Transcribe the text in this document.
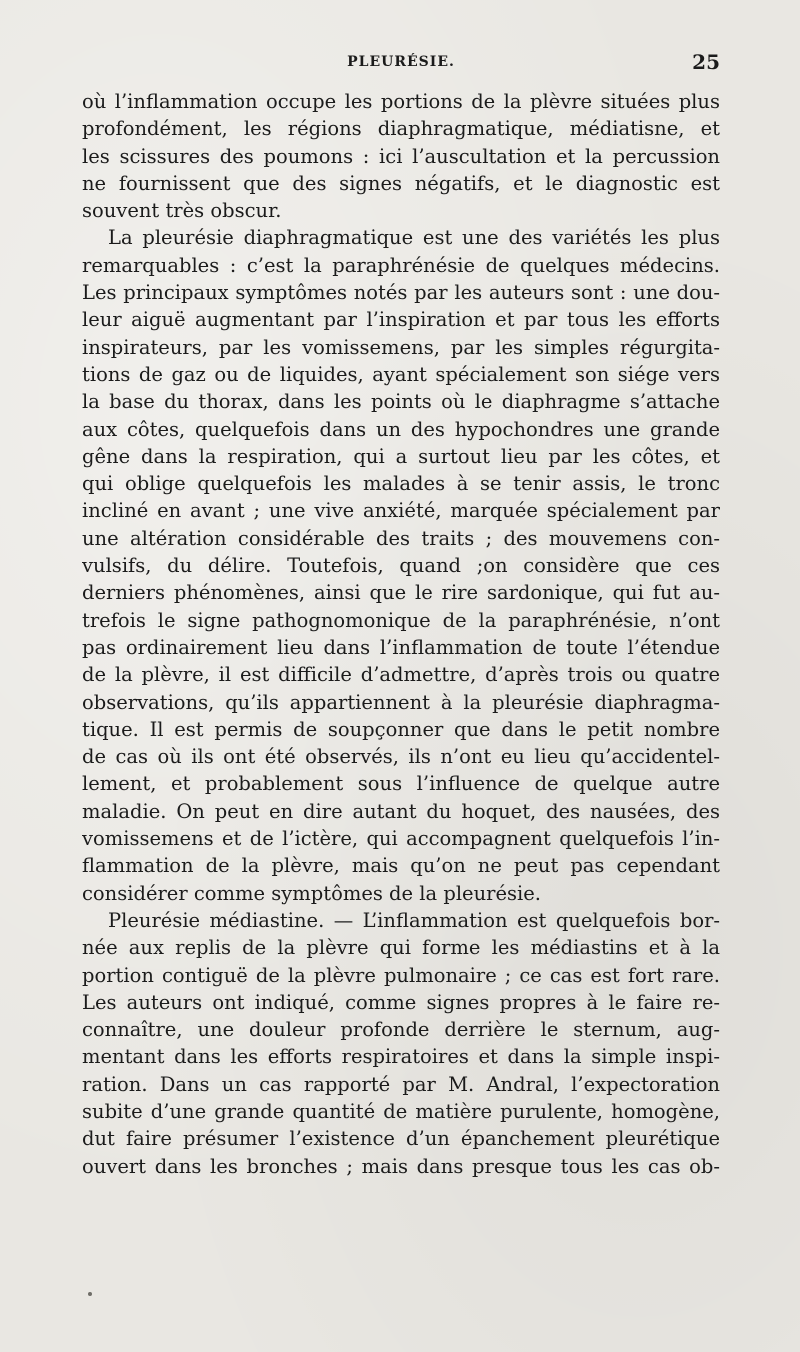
PLEURÉSIE.	25
où l’inflammation occupe les portions de la plèvre situées plus
profondément, les régions diaphragmatique, médiatisne, et
les scissures des poumons : ici l’auscultation et la percussion
ne fournissent que des signes négatifs, et le diagnostic est
souvent très obscur.
La pleurésie diaphragmatique est une des variétés les plus
remarquables : c’est la paraphrénésie de quelques médecins.
Les principaux symptômes notés par les auteurs sont : une dou-
leur aiguë augmentant par l’inspiration et par tous les efforts
inspirateurs, par les vomissemens, par les simples régurgita-
tions de gaz ou de liquides, ayant spécialement son siége vers
la base du thorax, dans les points où le diaphragme s’attache
aux côtes, quelquefois dans un des hypochondres une grande
gêne dans la respiration, qui a surtout lieu par les côtes, et
qui oblige quelquefois les malades à se tenir assis, le tronc
incliné en avant ; une vive anxiété, marquée spécialement par
une altération considérable des traits ; des mouvemens con-
vulsifs, du délire. Toutefois, quand ;on considère que ces
derniers phénomènes, ainsi que le rire sardonique, qui fut au-
trefois le signe pathognomonique de la paraphrénésie, n’ont
pas ordinairement lieu dans l’inflammation de toute l’étendue
de la plèvre, il est difficile d’admettre, d’après trois ou quatre
observations, qu’ils appartiennent à la pleurésie diaphragma-
tique. Il est permis de soupçonner que dans le petit nombre
de cas où ils ont été observés, ils n’ont eu lieu qu’accidentel-
lement, et probablement sous l’influence de quelque autre
maladie. On peut en dire autant du hoquet, des nausées, des
vomissemens et de l’ictère, qui accompagnent quelquefois l’in-
flammation de la plèvre, mais qu’on ne peut pas cependant
considérer comme symptômes de la pleurésie.
Pleurésie médiastine. — L’inflammation est quelquefois bor-
née aux replis de la plèvre qui forme les médiastins et à la
portion contiguë de la plèvre pulmonaire ; ce cas est fort rare.
Les auteurs ont indiqué, comme signes propres à le faire re-
connaître, une douleur profonde derrière le sternum, aug-
mentant dans les efforts respiratoires et dans la simple inspi-
ration. Dans un cas rapporté par M. Andral, l’expectoration
subite d’une grande quantité de matière purulente, homogène,
dut faire présumer l’existence d’un épanchement pleurétique
ouvert dans les bronches ; mais dans presque tous les cas ob-
